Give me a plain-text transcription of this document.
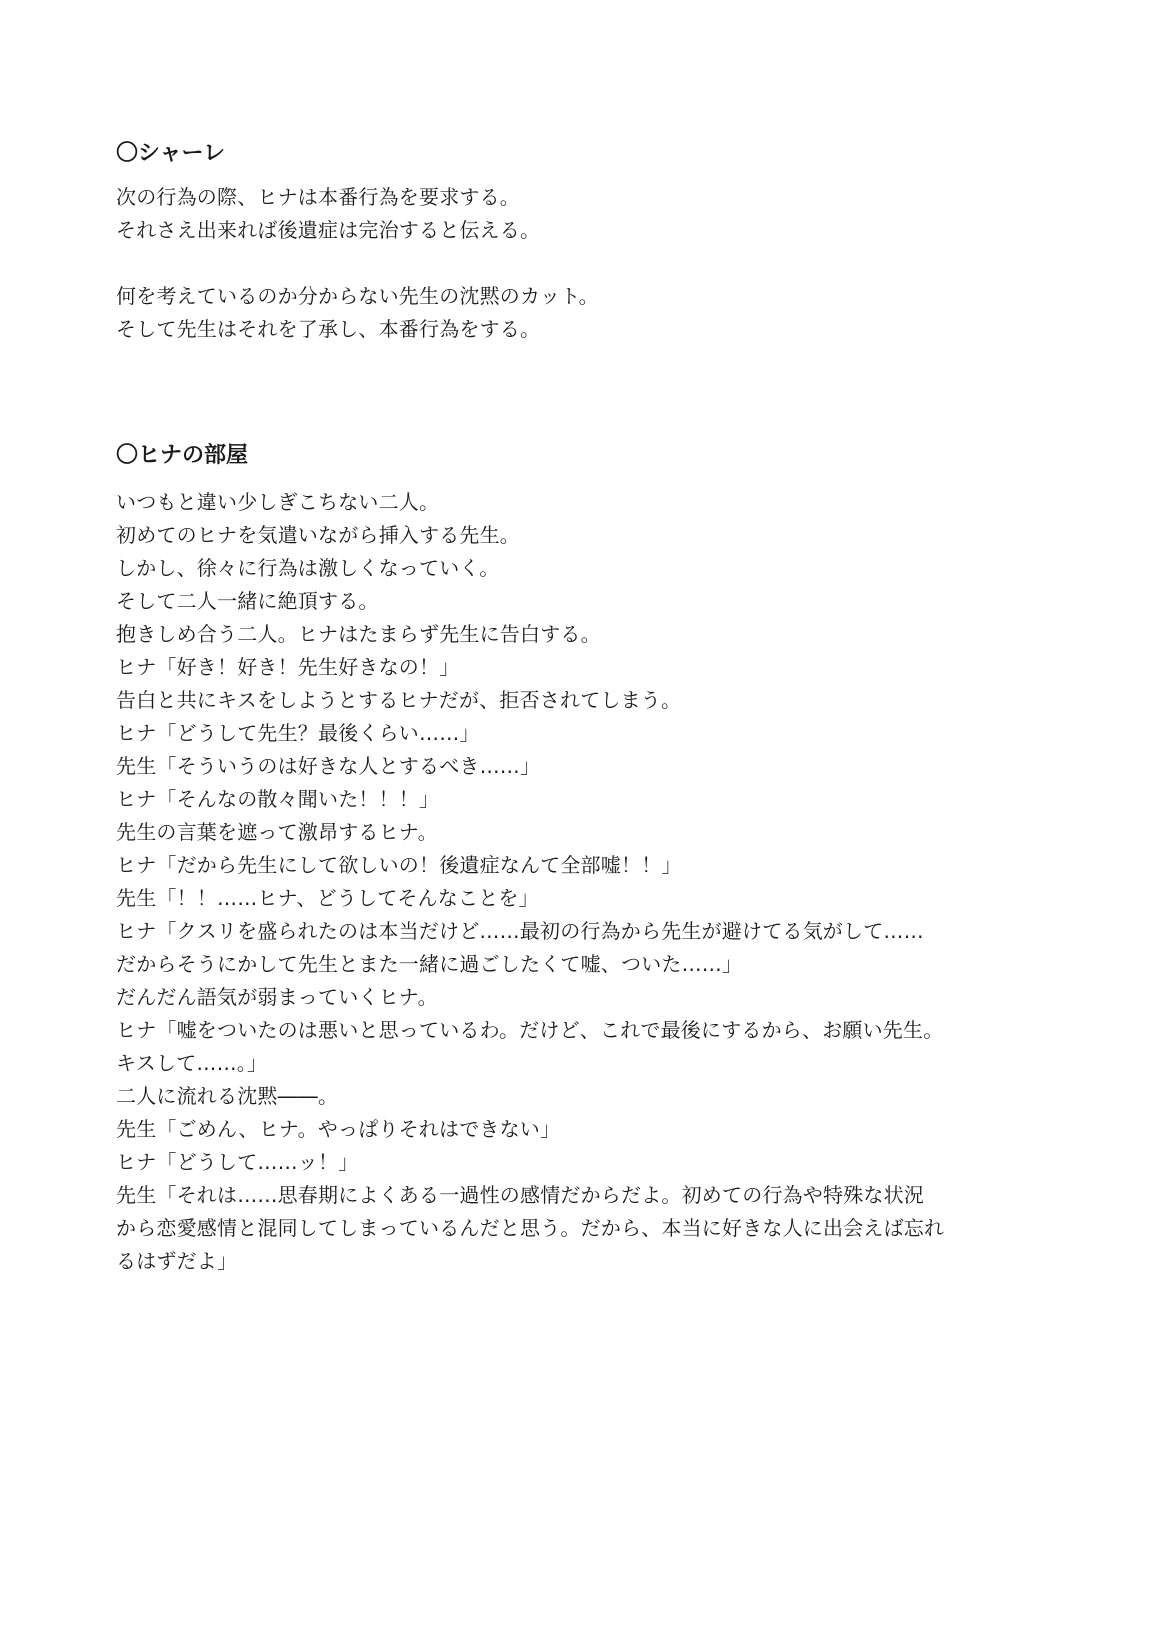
〇シャーレ

次の行為の際、ヒナは本番行為を要求する。
それさえ出来れば後遺症は完治すると伝える。

何を考えているのか分からない先生の沈黙のカット。
そして先生はそれを了承し、本番行為をする。

〇ヒナの部屋
いつもと違い少しぎこちない二人。
初めてのヒナを気遣いながら挿入する先生。
しかし、徐々に行為は激しくなっていく。
そして二人一緒に絶頂する。
抱きしめ合う二人。ヒナはたまらず先生に告白する。
ヒナ「好き！好き！先生好きなの！」
告白と共にキスをしようとするヒナだが、拒否されてしまう。
ヒナ「どうして先生？最後くらい……」
先生「そういうのは好きな人とするべき……」
ヒナ「そんなの散々聞いた！！！」
先生の言葉を遮って激昂するヒナ。
ヒナ「だから先生にして欲しいの！後遺症なんて全部嘘！！」
先生「！！……ヒナ、どうしてそんなことを」
ヒナ「クスリを盛られたのは本当だけど……最初の行為から先生が避けてる気がして……
だからそうにかして先生とまた一緒に過ごしたくて嘘、ついた……」
だんだん語気が弱まっていくヒナ。
ヒナ「嘘をついたのは悪いと思っているわ。だけど、これで最後にするから、お願い先生。
キスして……。」
二人に流れる沈黙――。
先生「ごめん、ヒナ。やっぱりそれはできない」
ヒナ「どうして……ッ！」
先生「それは……思春期によくある一過性の感情だからだよ。初めての行為や特殊な状況
から恋愛感情と混同してしまっているんだと思う。だから、本当に好きな人に出会えば忘れ
るはずだよ」
